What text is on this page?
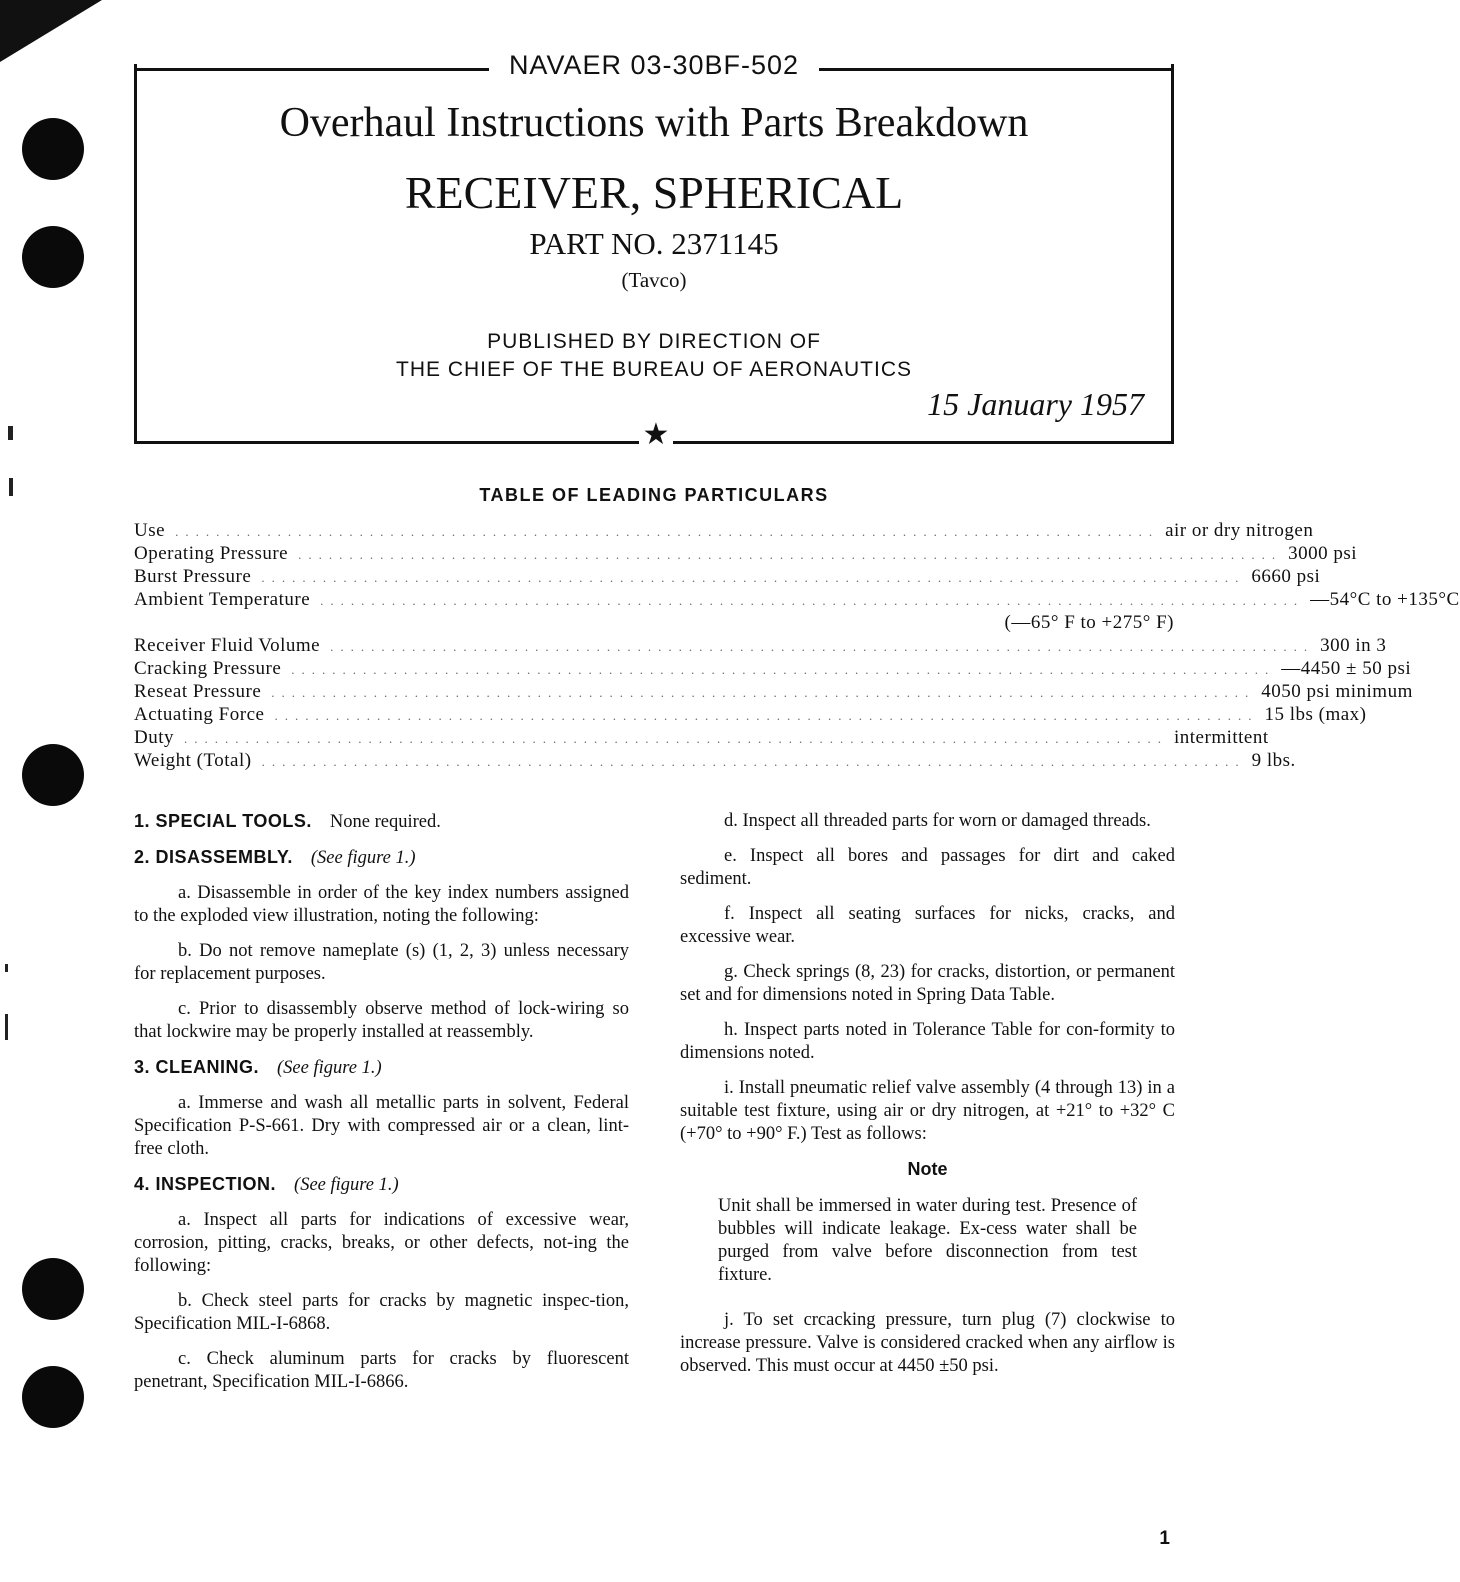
NAVAER 03-30BF-502
Overhaul Instructions with Parts Breakdown
RECEIVER, SPHERICAL
PART NO. 2371145
(Tavco)
PUBLISHED BY DIRECTION OF
THE CHIEF OF THE BUREAU OF AERONAUTICS
15 January 1957
★
TABLE OF LEADING PARTICULARS
Use ................................................................................................ air or dry nitrogen
Operating Pressure ................................................................................................ 3000 psi
Burst Pressure ................................................................................................ 6660 psi
Ambient Temperature ................................................................................................ —54°C to +135°C
(—65° F to +275° F)
Receiver Fluid Volume ................................................................................................ 300 in 3
Cracking Pressure ................................................................................................ —4450 ± 50 psi
Reseat Pressure ................................................................................................ 4050 psi minimum
Actuating Force ................................................................................................ 15 lbs (max)
Duty ................................................................................................ intermittent
Weight (Total) ................................................................................................ 9 lbs.
1. SPECIAL TOOLS. None required.
2. DISASSEMBLY. (See figure 1.)

a. Disassemble in order of the key index numbers assigned to the exploded view illustration, noting the following:

b. Do not remove nameplate (s) (1, 2, 3) unless necessary for replacement purposes.

c. Prior to disassembly observe method of lock-wiring so that lockwire may be properly installed at reassembly.

3. CLEANING. (See figure 1.)

a. Immerse and wash all metallic parts in solvent, Federal Specification P-S-661. Dry with compressed air or a clean, lint-free cloth.

4. INSPECTION. (See figure 1.)

a. Inspect all parts for indications of excessive wear, corrosion, pitting, cracks, breaks, or other defects, not-ing the following:

b. Check steel parts for cracks by magnetic inspec-tion, Specification MIL-I-6868.

c. Check aluminum parts for cracks by fluorescent penetrant, Specification MIL-I-6866.

d. Inspect all threaded parts for worn or damaged threads.

e. Inspect all bores and passages for dirt and caked sediment.

f. Inspect all seating surfaces for nicks, cracks, and excessive wear.

g. Check springs (8, 23) for cracks, distortion, or permanent set and for dimensions noted in Spring Data Table.

h. Inspect parts noted in Tolerance Table for con-formity to dimensions noted.

i. Install pneumatic relief valve assembly (4 through 13) in a suitable test fixture, using air or dry nitrogen, at +21° to +32° C (+70° to +90° F.) Test as follows:

Note
Unit shall be immersed in water during test. Presence of bubbles will indicate leakage. Ex-cess water shall be purged from valve before disconnection from test fixture.

j. To set crcacking pressure, turn plug (7) clockwise to increase pressure. Valve is considered cracked when any airflow is observed. This must occur at 4450 ±50 psi.

1
